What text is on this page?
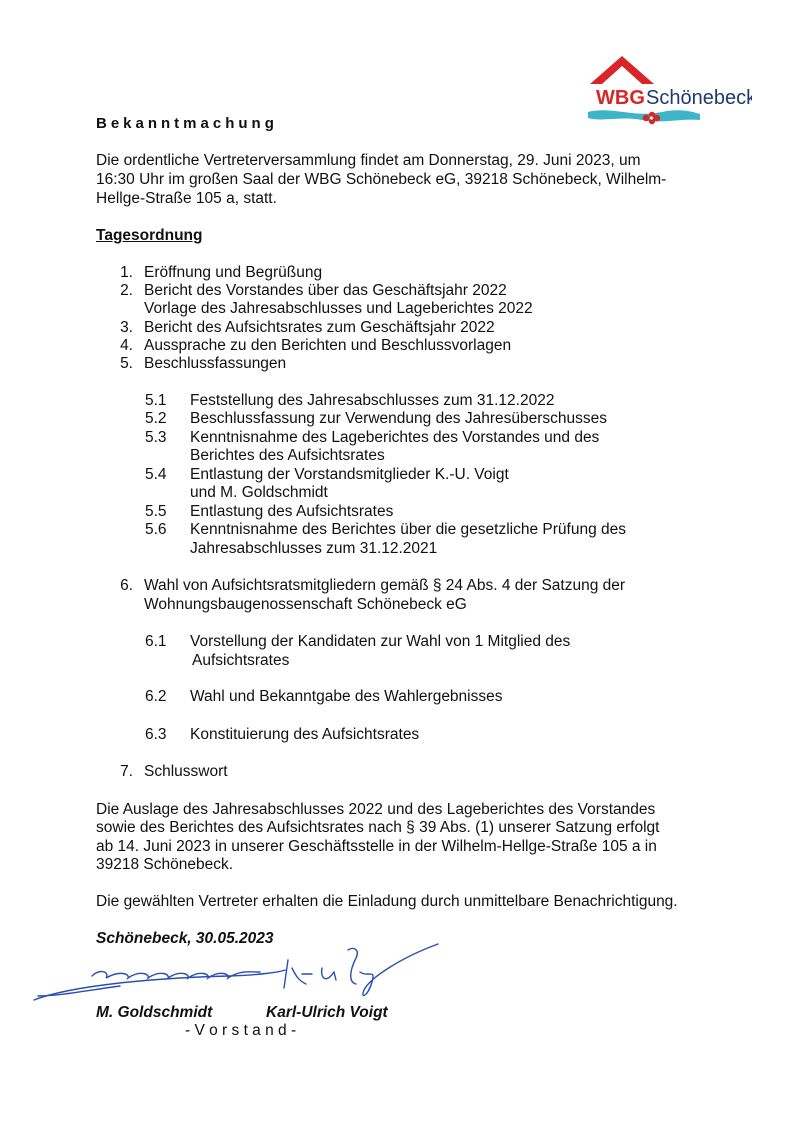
WBG Schönebeck
Bekanntmachung
Die ordentliche Vertreterversammlung findet am Donnerstag, 29. Juni 2023, um
16:30 Uhr im großen Saal der WBG Schönebeck eG, 39218 Schönebeck, Wilhelm-
Hellge-Straße 105 a, statt.
Tagesordnung
1. Eröffnung und Begrüßung
2. Bericht des Vorstandes über das Geschäftsjahr 2022
Vorlage des Jahresabschlusses und Lageberichtes 2022
3. Bericht des Aufsichtsrates zum Geschäftsjahr 2022
4. Aussprache zu den Berichten und Beschlussvorlagen
5. Beschlussfassungen
5.1 Feststellung des Jahresabschlusses zum 31.12.2022
5.2 Beschlussfassung zur Verwendung des Jahresüberschusses
5.3 Kenntnisnahme des Lageberichtes des Vorstandes und des
Berichtes des Aufsichtsrates
5.4 Entlastung der Vorstandsmitglieder K.-U. Voigt
und M. Goldschmidt
5.5 Entlastung des Aufsichtsrates
5.6 Kenntnisnahme des Berichtes über die gesetzliche Prüfung des
Jahresabschlusses zum 31.12.2021
6. Wahl von Aufsichtsratsmitgliedern gemäß § 24 Abs. 4 der Satzung der
Wohnungsbaugenossenschaft Schönebeck eG
6.1 Vorstellung der Kandidaten zur Wahl von 1 Mitglied des
Aufsichtsrates
6.2 Wahl und Bekanntgabe des Wahlergebnisses
6.3 Konstituierung des Aufsichtsrates
7. Schlusswort
Die Auslage des Jahresabschlusses 2022 und des Lageberichtes des Vorstandes
sowie des Berichtes des Aufsichtsrates nach § 39 Abs. (1) unserer Satzung erfolgt
ab 14. Juni 2023 in unserer Geschäftsstelle in der Wilhelm-Hellge-Straße 105 a in
39218 Schönebeck.
Die gewählten Vertreter erhalten die Einladung durch unmittelbare Benachrichtigung.
Schönebeck, 30.05.2023
M. Goldschmidt	Karl-Ulrich Voigt
- V o r s t a n d -
